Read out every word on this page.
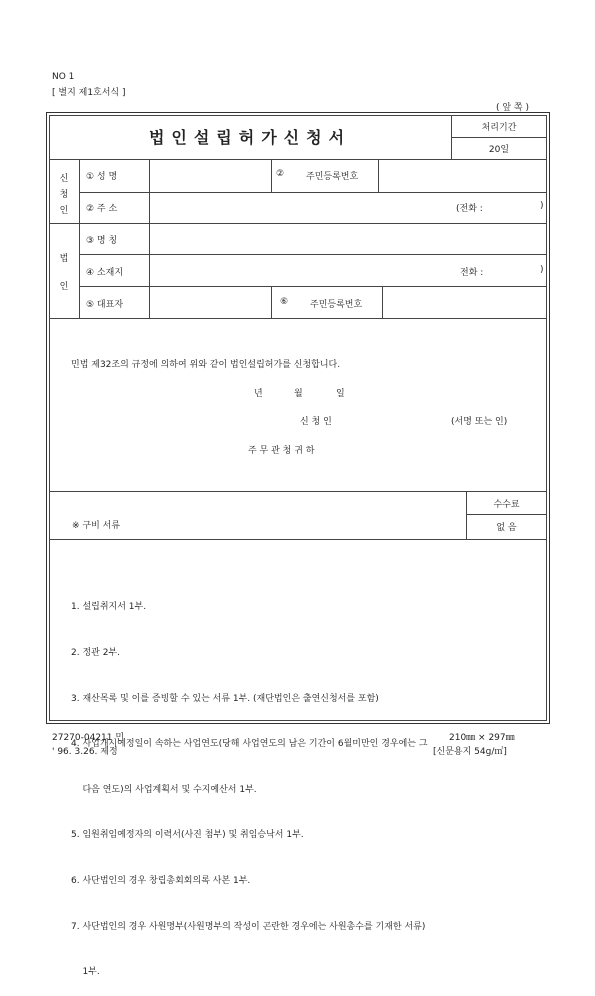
NO 1
[ 별지 제1호서식 ]
( 앞 쪽 )
법인설립허가신청서	처리기간
20일
신
청
인
① 성 명	② 주민등록번호
② 주 소	(전화 :	)
법
인
③ 명 칭
④ 소재지	전화 :	)
⑤ 대표자	⑥ 주민등록번호
민법 제32조의 규정에 의하여 위와 같이 법인설립허가를 신청합니다.
년	월	일
신 청 인	(서명 또는 인)
주 무 관 청 귀 하
수수료
없 음
※ 구비 서류

1. 설립취지서 1부.

2. 정관 2부.

3. 재산목록 및 이를 증빙할 수 있는 서류 1부. (재단법인은 출연신청서를 포함)

4. 사업개시예정일이 속하는 사업연도(당해 사업연도의 남은 기간이 6월미만인 경우에는 그

다음 연도)의 사업계획서 및 수지예산서 1부.

5. 임원취임예정자의 이력서(사진 첨부) 및 취임승낙서 1부.

6. 사단법인의 경우 창립총회회의록 사본 1부.

7. 사단법인의 경우 사원명부(사원명부의 작성이 곤란한 경우에는 사원총수를 기재한 서류)

1부.

27270-04211 민
' 96. 3.26. 제정
210㎜ × 297㎜
[신문용지 54g/㎡]
